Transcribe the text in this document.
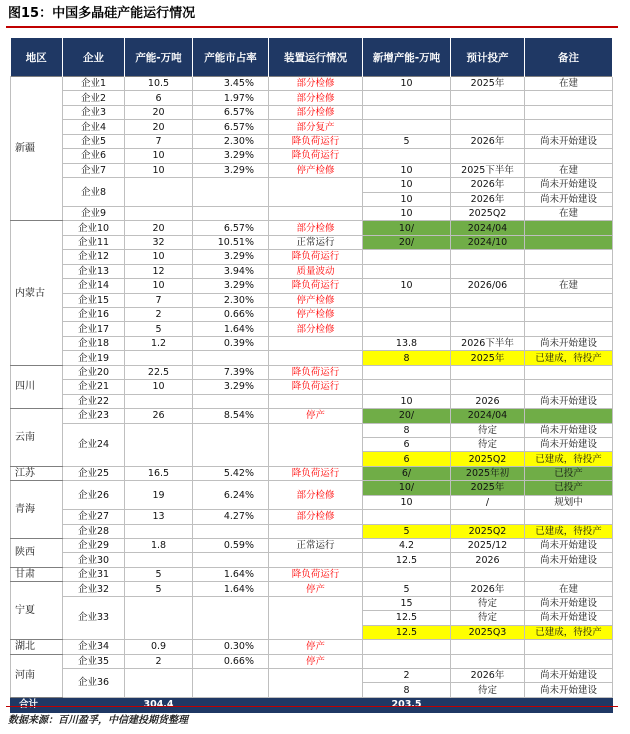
图15：中国多晶硅产能运行情况
地区	企业	产能-万吨	产能市占率	装置运行情况	新增产能-万吨	预计投产	备注
新疆	企业1	10.5	3.45%	部分检修	10	2025年	在建
	企业2	6	1.97%	部分检修			
	企业3	20	6.57%	部分检修			
	企业4	20	6.57%	部分复产			
	企业5	7	2.30%	降负荷运行	5	2026年	尚未开始建设
	企业6	10	3.29%	降负荷运行			
	企业7	10	3.29%	停产检修	10	2025下半年	在建
	企业8				10	2026年	尚未开始建设
					10	2026年	尚未开始建设
	企业9				10	2025Q2	在建
内蒙古	企业10	20	6.57%	部分检修	10/	2024/04	
	企业11	32	10.51%	正常运行	20/	2024/10	
	企业12	10	3.29%	降负荷运行			
	企业13	12	3.94%	质量波动			
	企业14	10	3.29%	降负荷运行	10	2026/06	在建
	企业15	7	2.30%	停产检修			
	企业16	2	0.66%	停产检修			
	企业17	5	1.64%	部分检修			
	企业18	1.2	0.39%		13.8	2026下半年	尚未开始建设
	企业19				8	2025年	已建成，待投产
四川	企业20	22.5	7.39%	降负荷运行			
	企业21	10	3.29%	降负荷运行			
	企业22				10	2026	尚未开始建设
云南	企业23	26	8.54%	停产	20/	2024/04	
	企业24				8	待定	尚未开始建设
					6	待定	尚未开始建设
					6	2025Q2	已建成，待投产
江苏	企业25	16.5	5.42%	降负荷运行	6/	2025年初	已投产
青海	企业26	19	6.24%	部分检修	10/	2025年	已投产
					10	/	规划中
	企业27	13	4.27%	部分检修			
	企业28				5	2025Q2	已建成，待投产
陕西	企业29	1.8	0.59%	正常运行	4.2	2025/12	尚未开始建设
	企业30				12.5	2026	尚未开始建设
甘肃	企业31	5	1.64%	降负荷运行			
宁夏	企业32	5	1.64%	停产	5	2026年	在建
	企业33				15	待定	尚未开始建设
					12.5	待定	尚未开始建设
					12.5	2025Q3	已建成，待投产
湖北	企业34	0.9	0.30%	停产			
河南	企业35	2	0.66%	停产			
	企业36				2	2026年	尚未开始建设
					8	待定	尚未开始建设
合计		304.4			203.5		
数据来源：百川盈孚，中信建投期货整理
